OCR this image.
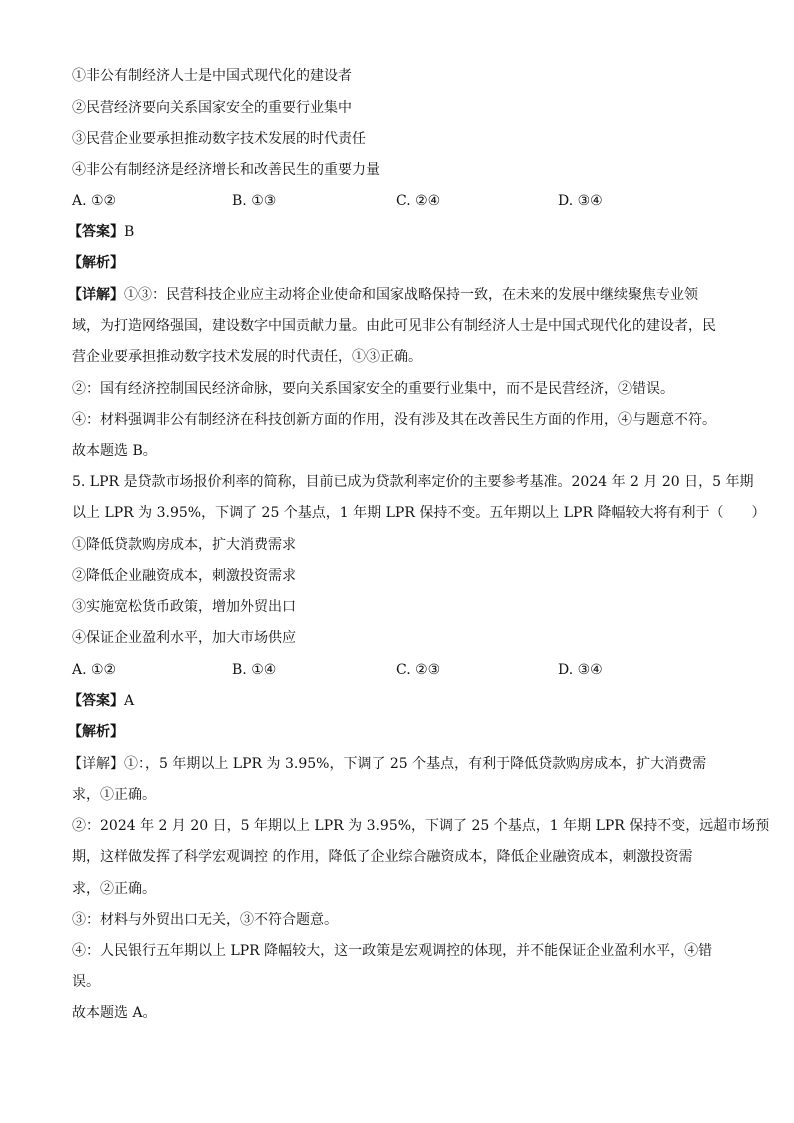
①非公有制经济人士是中国式现代化的建设者
②民营经济要向关系国家安全的重要行业集中
③民营企业要承担推动数字技术发展的时代责任
④非公有制经济是经济增长和改善民生的重要力量
A. ①②	B. ①③	C. ②④	D. ③④
【答案】B
【解析】
【详解】①③：民营科技企业应主动将企业使命和国家战略保持一致，在未来的发展中继续聚焦专业领
域，为打造网络强国，建设数字中国贡献力量。由此可见非公有制经济人士是中国式现代化的建设者，民
营企业要承担推动数字技术发展的时代责任，①③正确。
②：国有经济控制国民经济命脉，要向关系国家安全的重要行业集中，而不是民营经济，②错误。
④：材料强调非公有制经济在科技创新方面的作用，没有涉及其在改善民生方面的作用，④与题意不符。
故本题选 B。
5. LPR 是贷款市场报价利率的简称，目前已成为贷款利率定价的主要参考基准。2024 年 2 月 20 日，5 年期
以上 LPR 为 3.95%，下调了 25 个基点，1 年期 LPR 保持不变。五年期以上 LPR 降幅较大将有利于（　　）
①降低贷款购房成本，扩大消费需求
②降低企业融资成本，刺激投资需求
③实施宽松货币政策，增加外贸出口
④保证企业盈利水平，加大市场供应
A. ①②	B. ①④	C. ②③	D. ③④
【答案】A
【解析】
【详解】①：，5 年期以上 LPR 为 3.95%，下调了 25 个基点，有利于降低贷款购房成本，扩大消费需
求，①正确。
②：2024 年 2 月 20 日，5 年期以上 LPR 为 3.95%，下调了 25 个基点，1 年期 LPR 保持不变，远超市场预
期，这样做发挥了科学宏观调控 的作用，降低了企业综合融资成本，降低企业融资成本，刺激投资需
求，②正确。
③：材料与外贸出口无关，③不符合题意。
④：人民银行五年期以上 LPR 降幅较大，这一政策是宏观调控的体现，并不能保证企业盈利水平，④错
误。
故本题选 A。
